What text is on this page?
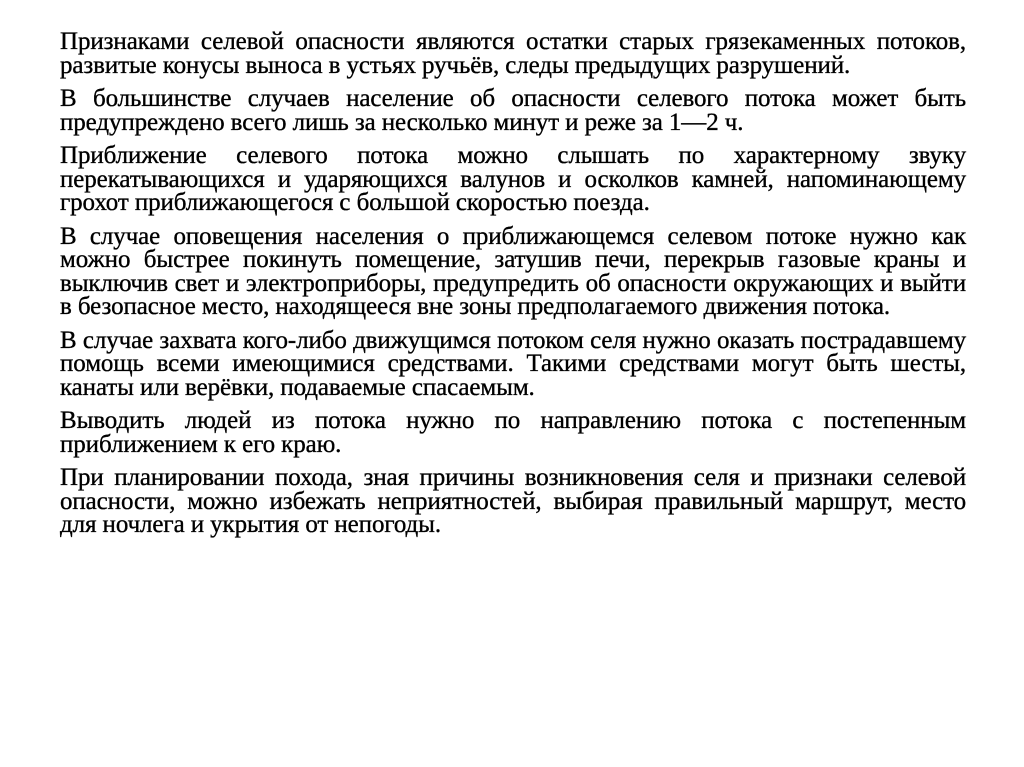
Признаками селевой опасности являются остатки старых грязекаменных потоков, развитые конусы выноса в устьях ручьёв, следы предыдущих разрушений.

В большинстве случаев население об опасности селевого потока может быть предупреждено всего лишь за несколько минут и реже за 1—2 ч.

Приближение селевого потока можно слышать по характерному звуку перекатывающихся и ударяющихся валунов и осколков камней, напоминающему грохот приближающегося с большой скоростью поезда.

В случае оповещения населения о приближающемся селевом потоке нужно как можно быстрее покинуть помещение, затушив печи, перекрыв газовые краны и выключив свет и электроприборы, предупредить об опасности окружающих и выйти в безопасное место, находящееся вне зоны предполагаемого движения потока.

В случае захвата кого-либо движущимся потоком селя нужно оказать пострадавшему помощь всеми имеющимися средствами. Такими средствами могут быть шесты, канаты или верёвки, подаваемые спасаемым.

Выводить людей из потока нужно по направлению потока с постепенным приближением к его краю.

При планировании похода, зная причины возникновения селя и признаки селевой опасности, можно избежать неприятностей, выбирая правильный маршрут, место для ночлега и укрытия от непогоды.
